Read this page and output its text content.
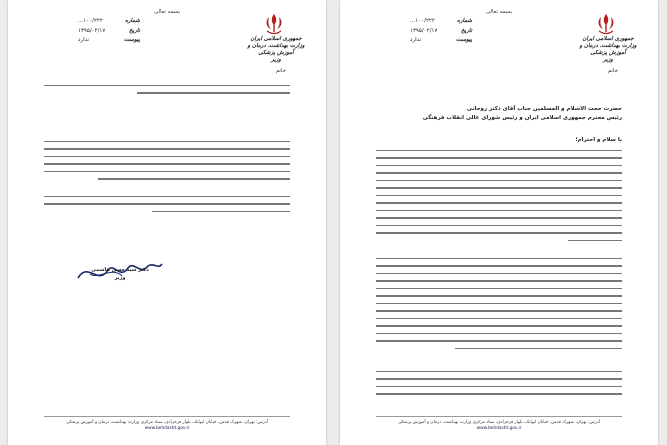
بسمه تعالی
جمهوری اسلامی ایران
وزارت بهداشت، درمان و آموزش پزشکی
وزیر
شماره
...۱۰۰/۲۲۲
تاریخ
۱۳۹۵/۰۲/۱۷
پیوست
ندارد
خانم
دکتر سید حسن هاشمی
وزیر
آدرس: تهران، شهرک قدس، خیابان ایوانک، بلوار فرحزادی، ستاد مرکزی وزارت بهداشت، درمان و آموزش پزشکی
www.behdasht.gov.ir
بسمه تعالی
جمهوری اسلامی ایران
وزارت بهداشت، درمان و آموزش پزشکی
وزیر
شماره
...۱۰۰/۲۲۲
تاریخ
۱۳۹۵/۰۲/۱۷
پیوست
ندارد
خانم
حضرت حجت الاسلام و المسلمین جناب آقای دکتر روحانی
رئیس محترم جمهوری اسلامی ایران و رئیس شورای عالی انقلاب فرهنگی
با سلام و احترام؛
آدرس: تهران، شهرک قدس، خیابان ایوانک، بلوار فرحزادی، ستاد مرکزی وزارت بهداشت، درمان و آموزش پزشکی
www.behdasht.gov.ir
